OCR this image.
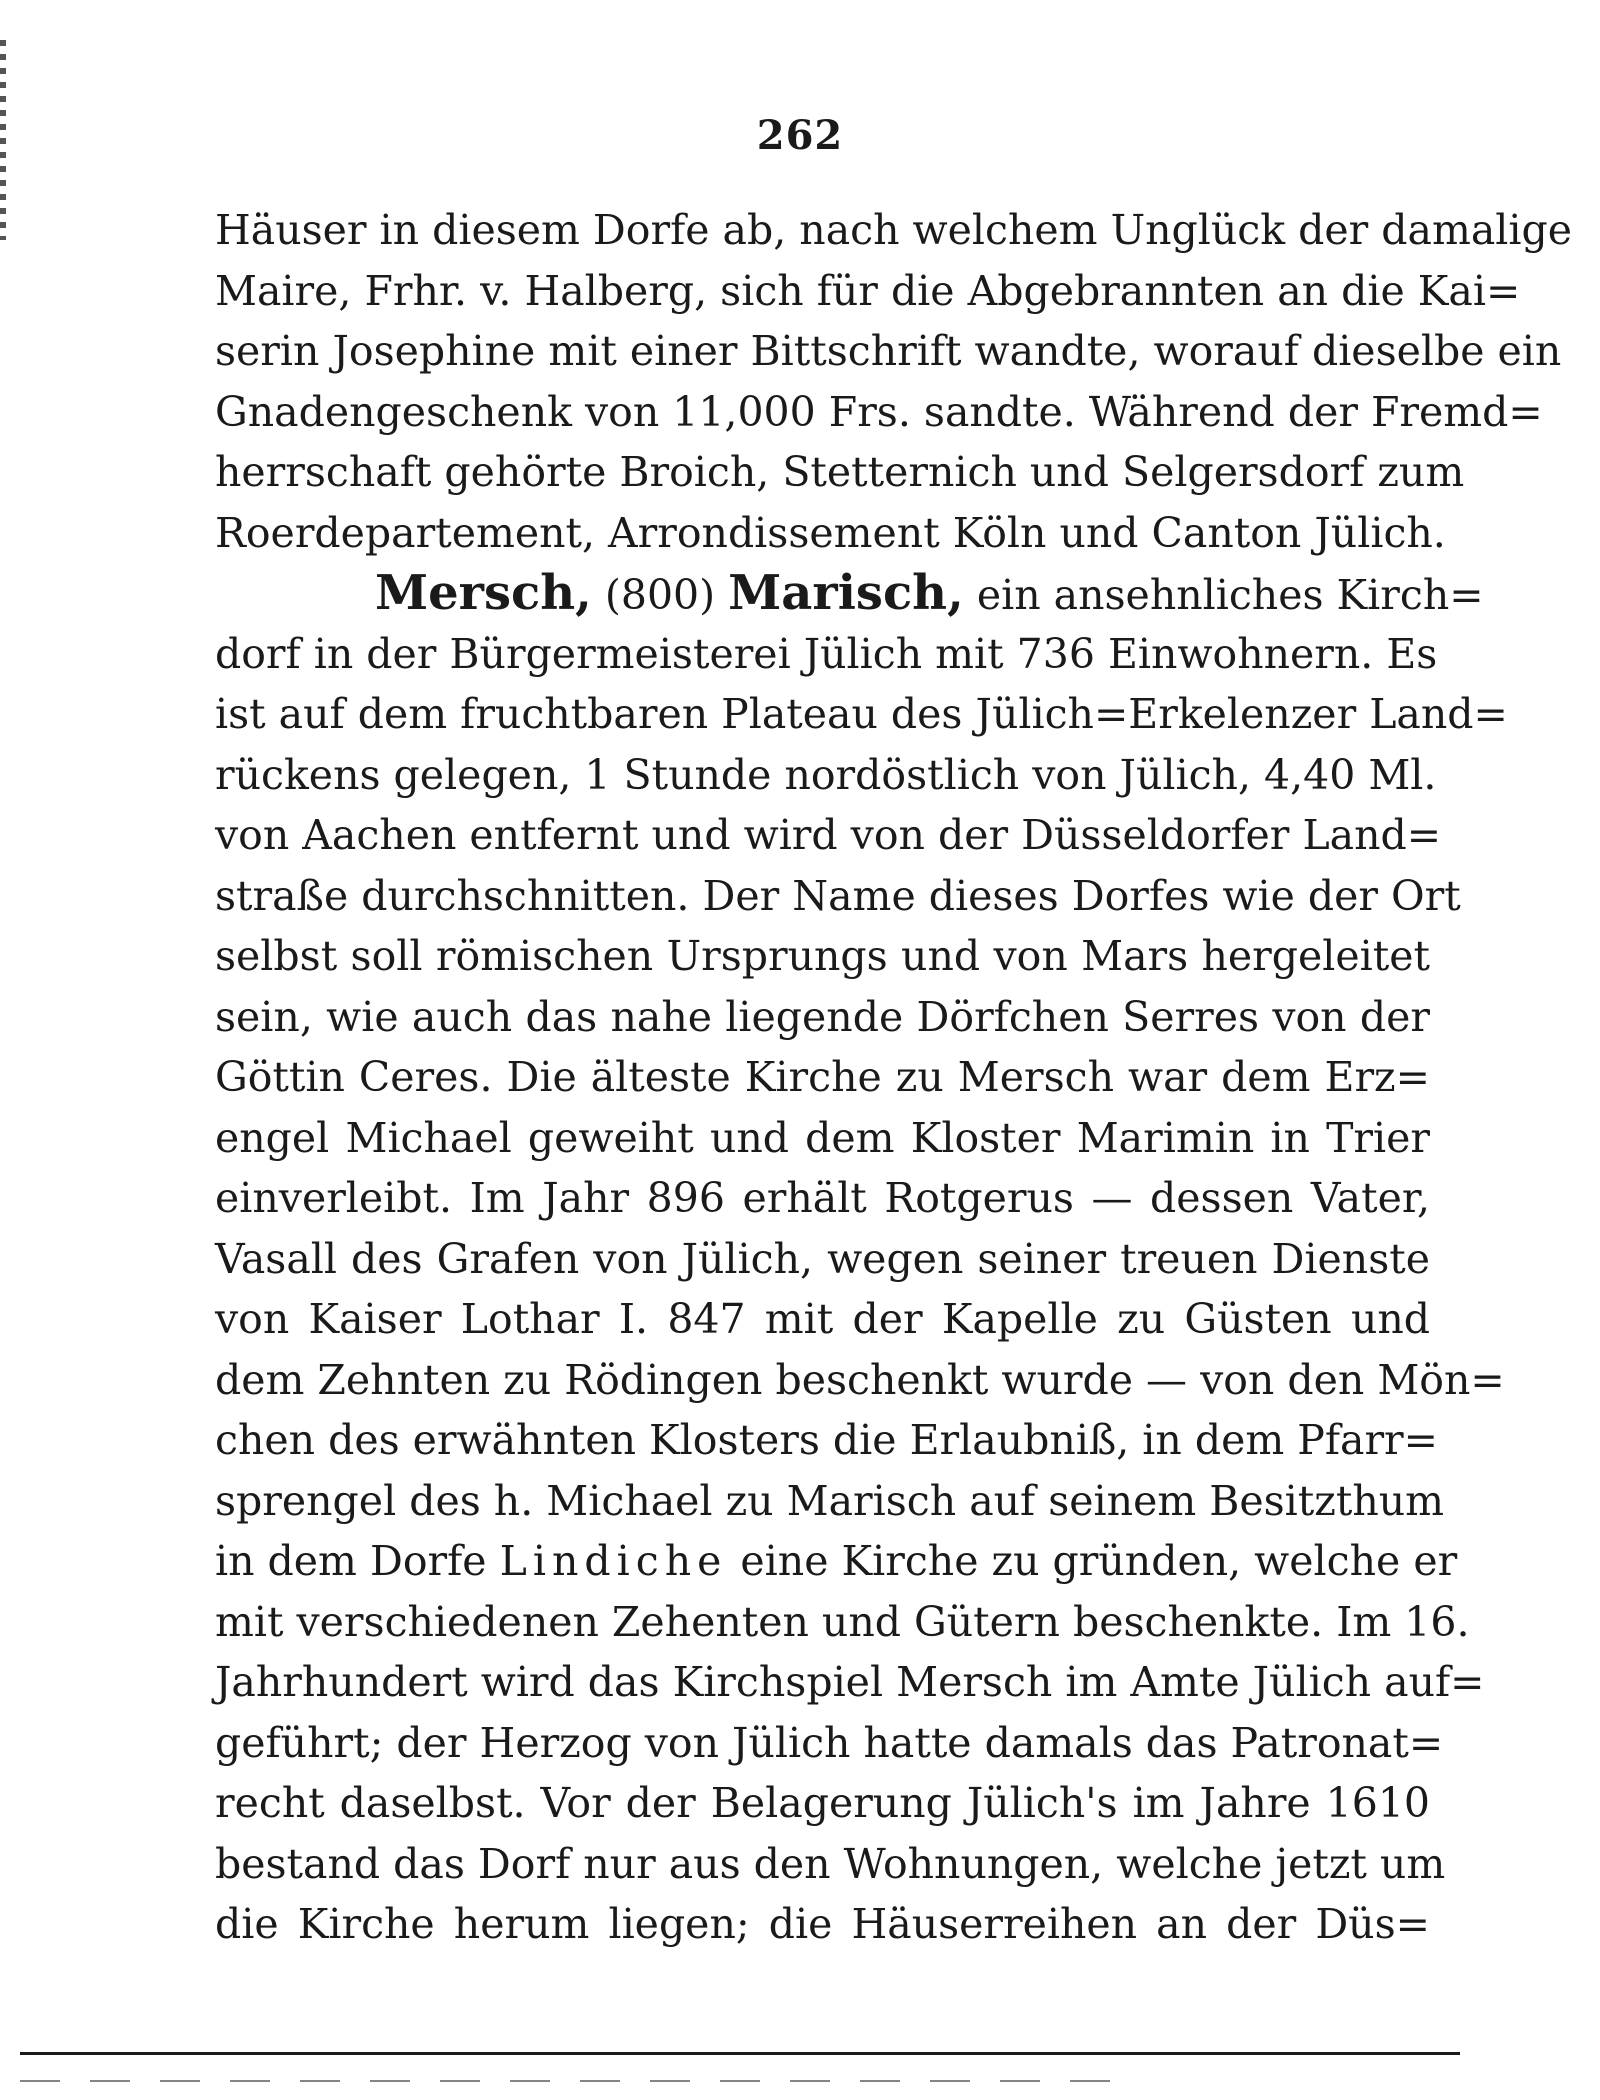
262
Häuser in diesem Dorfe ab, nach welchem Unglück der damalige
Maire, Frhr. v. Halberg, sich für die Abgebrannten an die Kai=
serin Josephine mit einer Bittschrift wandte, worauf dieselbe ein
Gnadengeschenk von 11,000 Frs. sandte. Während der Fremd=
herrschaft gehörte Broich, Stetternich und Selgersdorf zum
Roerdepartement, Arrondissement Köln und Canton Jülich.
Mersch, (800) Marisch, ein ansehnliches Kirch=
dorf in der Bürgermeisterei Jülich mit 736 Einwohnern. Es
ist auf dem fruchtbaren Plateau des Jülich=Erkelenzer Land=
rückens gelegen, 1 Stunde nordöstlich von Jülich, 4,40 Ml.
von Aachen entfernt und wird von der Düsseldorfer Land=
straße durchschnitten. Der Name dieses Dorfes wie der Ort
selbst soll römischen Ursprungs und von Mars hergeleitet
sein, wie auch das nahe liegende Dörfchen Serres von der
Göttin Ceres. Die älteste Kirche zu Mersch war dem Erz=
engel Michael geweiht und dem Kloster Marimin in Trier
einverleibt. Im Jahr 896 erhält Rotgerus — dessen Vater,
Vasall des Grafen von Jülich, wegen seiner treuen Dienste
von Kaiser Lothar I. 847 mit der Kapelle zu Güsten und
dem Zehnten zu Rödingen beschenkt wurde — von den Mön=
chen des erwähnten Klosters die Erlaubniß, in dem Pfarr=
sprengel des h. Michael zu Marisch auf seinem Besitzthum
in dem Dorfe Lindiche eine Kirche zu gründen, welche er
mit verschiedenen Zehenten und Gütern beschenkte. Im 16.
Jahrhundert wird das Kirchspiel Mersch im Amte Jülich auf=
geführt; der Herzog von Jülich hatte damals das Patronat=
recht daselbst. Vor der Belagerung Jülich's im Jahre 1610
bestand das Dorf nur aus den Wohnungen, welche jetzt um
die Kirche herum liegen; die Häuserreihen an der Düs=
